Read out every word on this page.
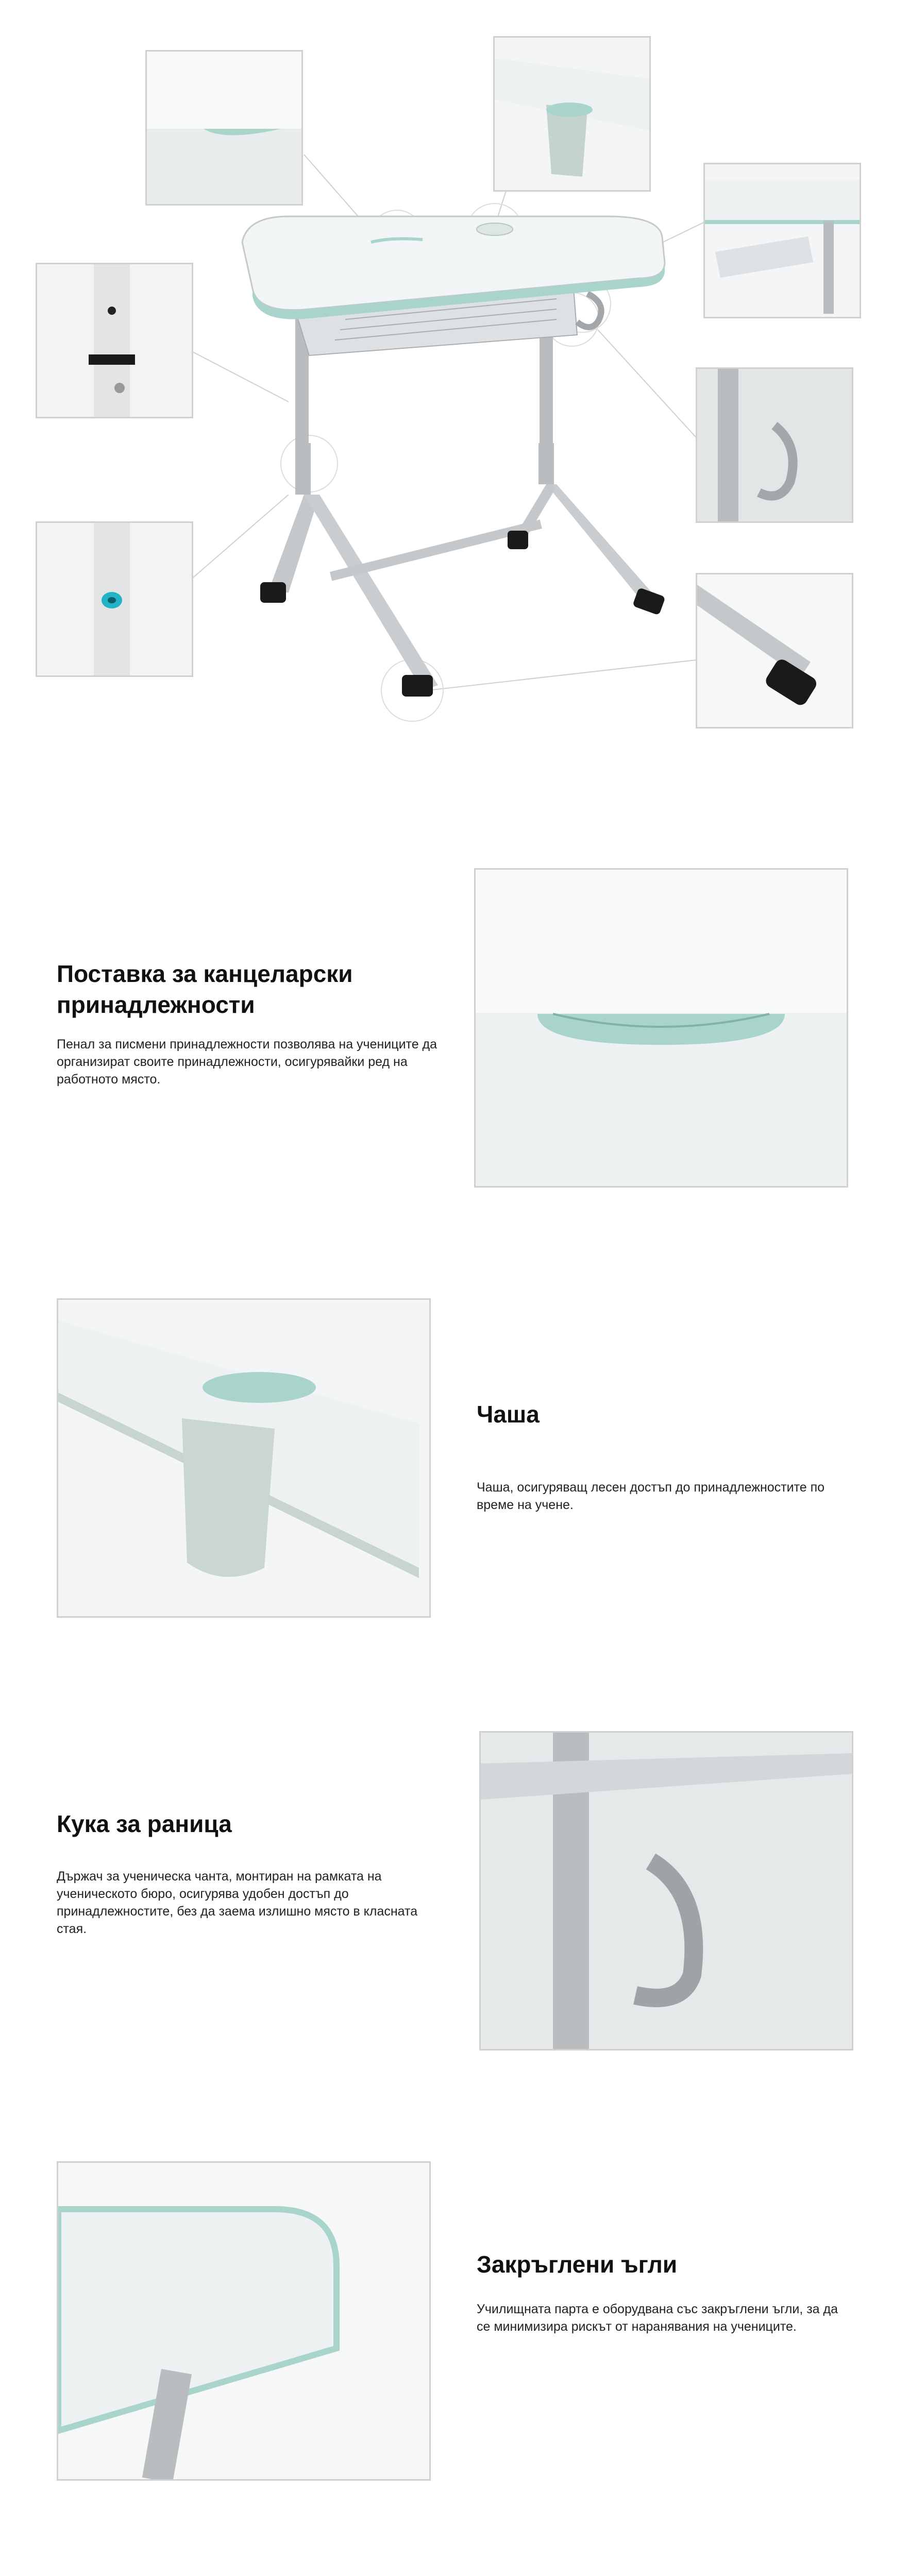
Поставка за канцеларски принадлежности

Пенал за писмени принадлежности позволява на учениците да организират своите принадлежности, осигурявайки ред на работното място.

Чаша

Чаша, осигуряващ лесен достъп до принадлежностите по време на учене.

Кука за раница

Държач за ученическа чанта, монтиран на рамката на ученическото бюро, осигурява удобен достъп до принадлежностите, без да заема излишно място в класната стая.

Закръглени ъгли

Училищната парта е оборудвана със закръглени ъгли, за да се минимизира рискът от наранявания на учениците.
